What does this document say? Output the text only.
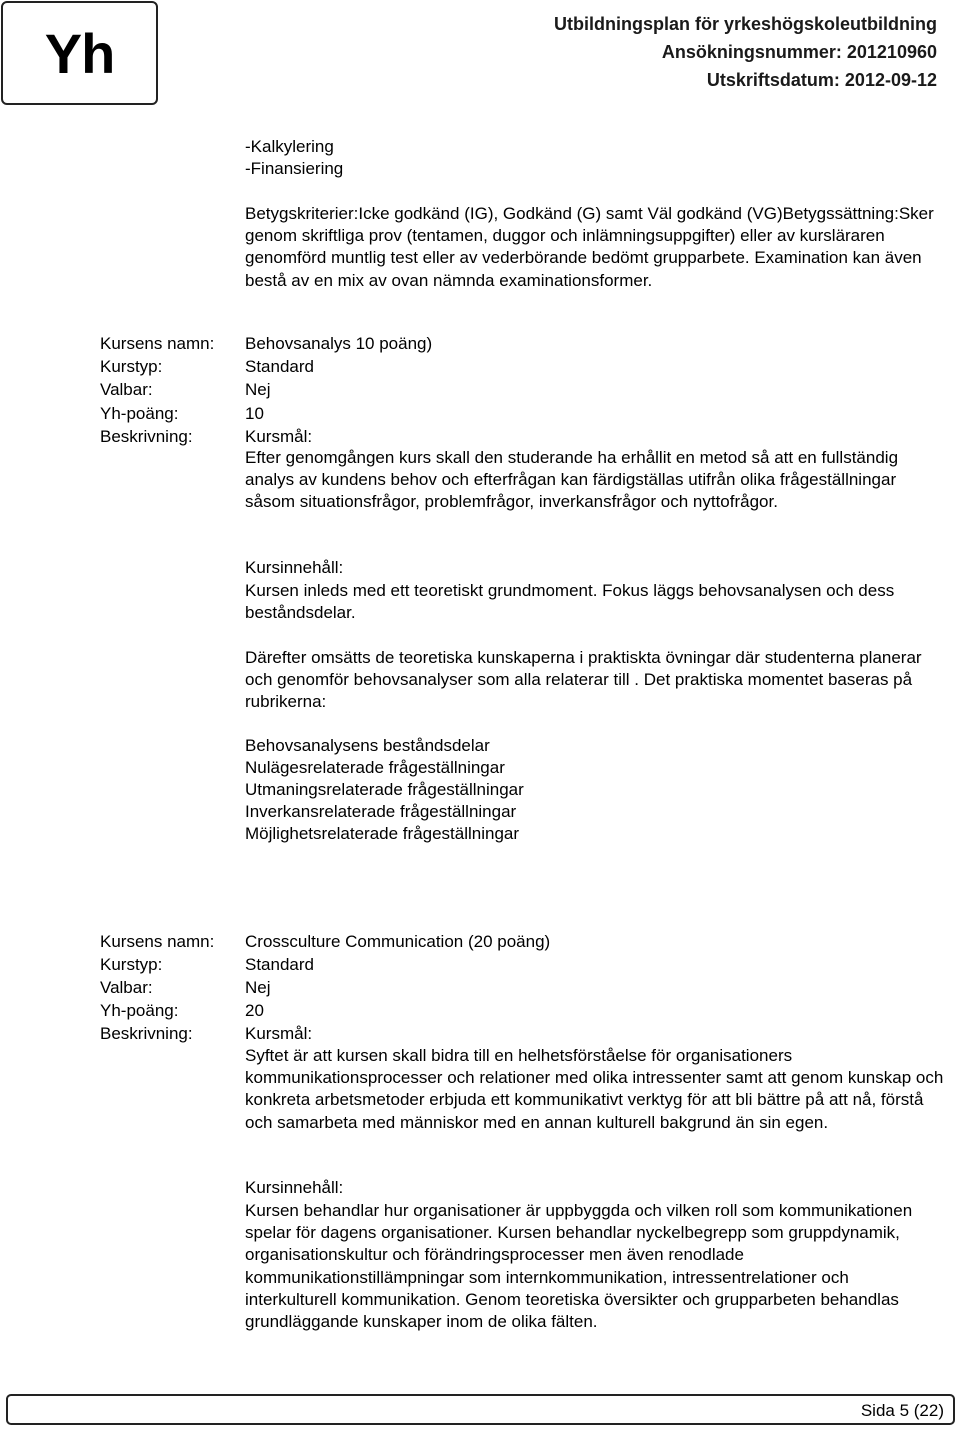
Yh	Utbildningsplan för yrkeshögskoleutbildning
Ansökningsnummer: 201210960
Utskriftsdatum: 2012-09-12
-Kalkylering
-Finansiering

Betygskriterier:Icke godkänd (IG), Godkänd (G) samt Väl godkänd (VG)Betygssättning:Sker genom skriftliga prov (tentamen, duggor och inlämningsuppgifter) eller av kursläraren genomförd muntlig test eller av vederbörande bedömt grupparbete. Examination kan även bestå av en mix av ovan nämnda examinationsformer.

Kursens namn: Behovsanalys 10 poäng)
Kurstyp:	Standard
Valbar:	Nej
Yh-poäng:	10
Beskrivning:	Kursmål:

Efter genomgången kurs skall den studerande ha erhållit en metod så att en fullständig analys av kundens behov och efterfrågan kan färdigställas utifrån olika frågeställningar såsom situationsfrågor, problemfrågor, inverkansfrågor och nyttofrågor.

Kursinnehåll:

Kursen inleds med ett teoretiskt grundmoment. Fokus läggs behovsanalysen och dess beståndsdelar.

Därefter omsätts de teoretiska kunskaperna i praktiskta övningar där studenterna planerar och genomför behovsanalyser som alla relaterar till . Det praktiska momentet baseras på rubrikerna:

Behovsanalysens beståndsdelar
Nulägesrelaterade frågeställningar
Utmaningsrelaterade frågeställningar
Inverkansrelaterade frågeställningar
Möjlighetsrelaterade frågeställningar
Kursens namn: Crossculture Communication (20 poäng)
Kurstyp:	Standard
Valbar:	Nej
Yh-poäng:	20
Beskrivning:	Kursmål:

Syftet är att kursen skall bidra till en helhetsförståelse för organisationers kommunikationsprocesser och relationer med olika intressenter samt att genom kunskap och konkreta arbetsmetoder erbjuda ett kommunikativt verktyg för att bli bättre på att nå, förstå och samarbeta med människor med en annan kulturell bakgrund än sin egen.

Kursinnehåll:

Kursen behandlar hur organisationer är uppbyggda och vilken roll som kommunikationen spelar för dagens organisationer. Kursen behandlar nyckelbegrepp som gruppdynamik, organisationskultur och förändringsprocesser men även renodlade kommunikationstillämpningar som internkommunikation, intressentrelationer och interkulturell kommunikation. Genom teoretiska översikter och grupparbeten behandlas grundläggande kunskaper inom de olika fälten.

Sida 5 (22)
